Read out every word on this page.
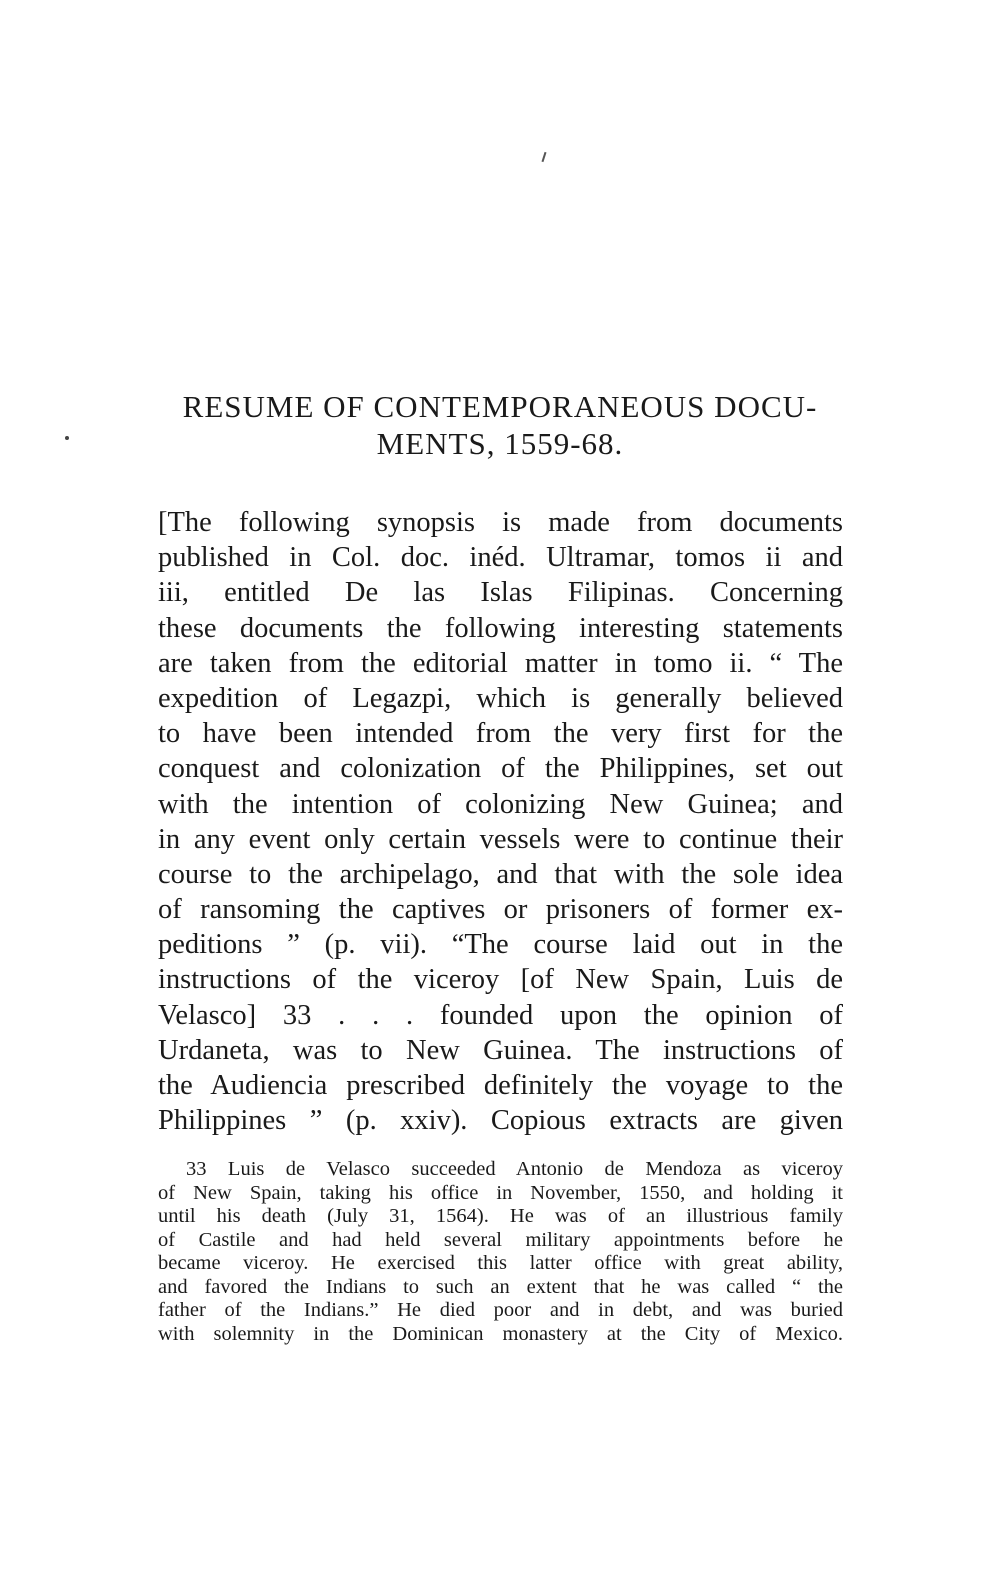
RESUME OF CONTEMPORANEOUS DOCU-
MENTS, 1559-68.
[The following synopsis is made from documents
published in Col. doc. inéd. Ultramar, tomos ii and
iii, entitled De las Islas Filipinas. Concerning
these documents the following interesting statements
are taken from the editorial matter in tomo ii. “ The
expedition of Legazpi, which is generally believed
to have been intended from the very first for the
conquest and colonization of the Philippines, set out
with the intention of colonizing New Guinea; and
in any event only certain vessels were to continue their
course to the archipelago, and that with the sole idea
of ransoming the captives or prisoners of former ex-
peditions ” (p. vii). “The course laid out in the
instructions of the viceroy [of New Spain, Luis de
Velasco] 33 . . . founded upon the opinion of
Urdaneta, was to New Guinea. The instructions of
the Audiencia prescribed definitely the voyage to the
Philippines ” (p. xxiv). Copious extracts are given
33 Luis de Velasco succeeded Antonio de Mendoza as viceroy
of New Spain, taking his office in November, 1550, and holding it
until his death (July 31, 1564). He was of an illustrious family
of Castile and had held several military appointments before he
became viceroy. He exercised this latter office with great ability,
and favored the Indians to such an extent that he was called “ the
father of the Indians.” He died poor and in debt, and was buried
with solemnity in the Dominican monastery at the City of Mexico.
